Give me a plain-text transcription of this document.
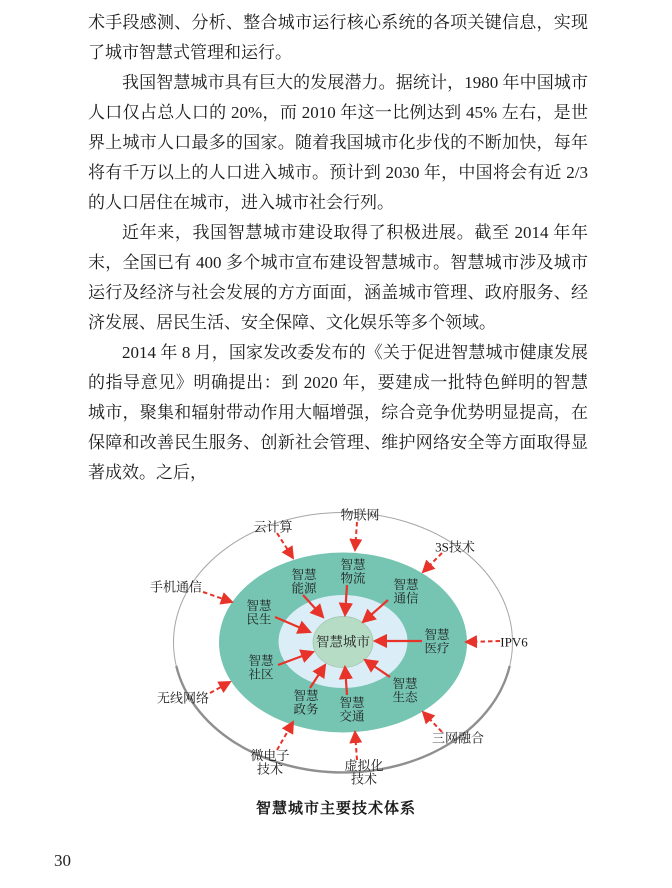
术手段感测、分析、整合城市运行核心系统的各项关键信息，实现了城市智慧式管理和运行。

我国智慧城市具有巨大的发展潜力。据统计，1980 年中国城市人口仅占总人口的 20%，而 2010 年这一比例达到 45% 左右，是世界上城市人口最多的国家。随着我国城市化步伐的不断加快，每年将有千万以上的人口进入城市。预计到 2030 年，中国将会有近 2/3 的人口居住在城市，进入城市社会行列。

近年来，我国智慧城市建设取得了积极进展。截至 2014 年年末，全国已有 400 多个城市宣布建设智慧城市。智慧城市涉及城市运行及经济与社会发展的方方面面，涵盖城市管理、政府服务、经济发展、居民生活、安全保障、文化娱乐等多个领域。

2014 年 8 月，国家发改委发布的《关于促进智慧城市健康发展的指导意见》明确提出：到 2020 年，要建成一批特色鲜明的智慧城市，聚集和辐射带动作用大幅增强，综合竞争优势明显提高，在保障和改善民生服务、创新社会管理、维护网络安全等方面取得显著成效。之后，

智慧能源
智慧物流 智慧通信
智慧民生
智慧医疗
智慧社区
智慧政务 智慧交通
智慧生态
云计算
物联网
3S技术
手机通信
IPV6
无线网络
微电子技术	虚拟化技术
三网融合
智慧城市
智慧城市主要技术体系
30
